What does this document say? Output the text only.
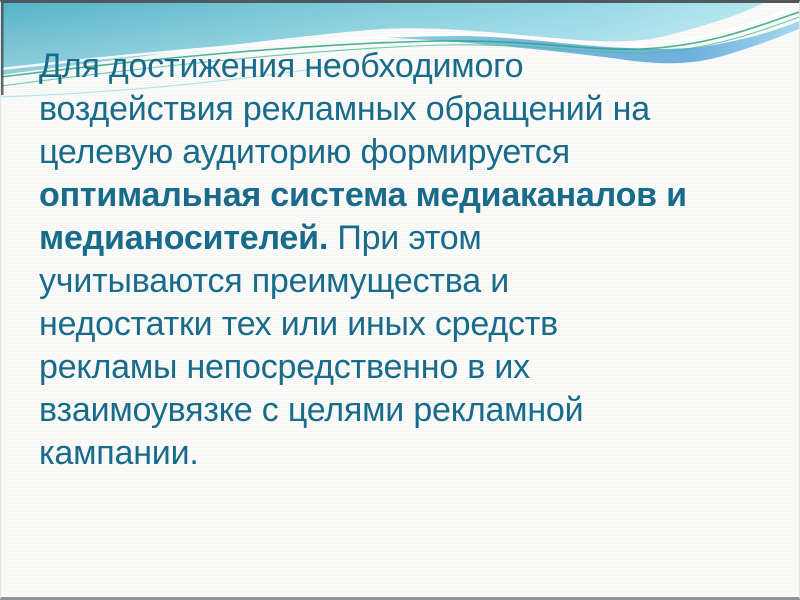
Для достижения необходимого
воздействия рекламных обращений на
целевую аудиторию формируется
оптимальная система медиаканалов и
медианосителей. При этом
учитываются преимущества и
недостатки тех или иных средств
рекламы непосредственно в их
взаимоувязке с целями рекламной
кампании.
